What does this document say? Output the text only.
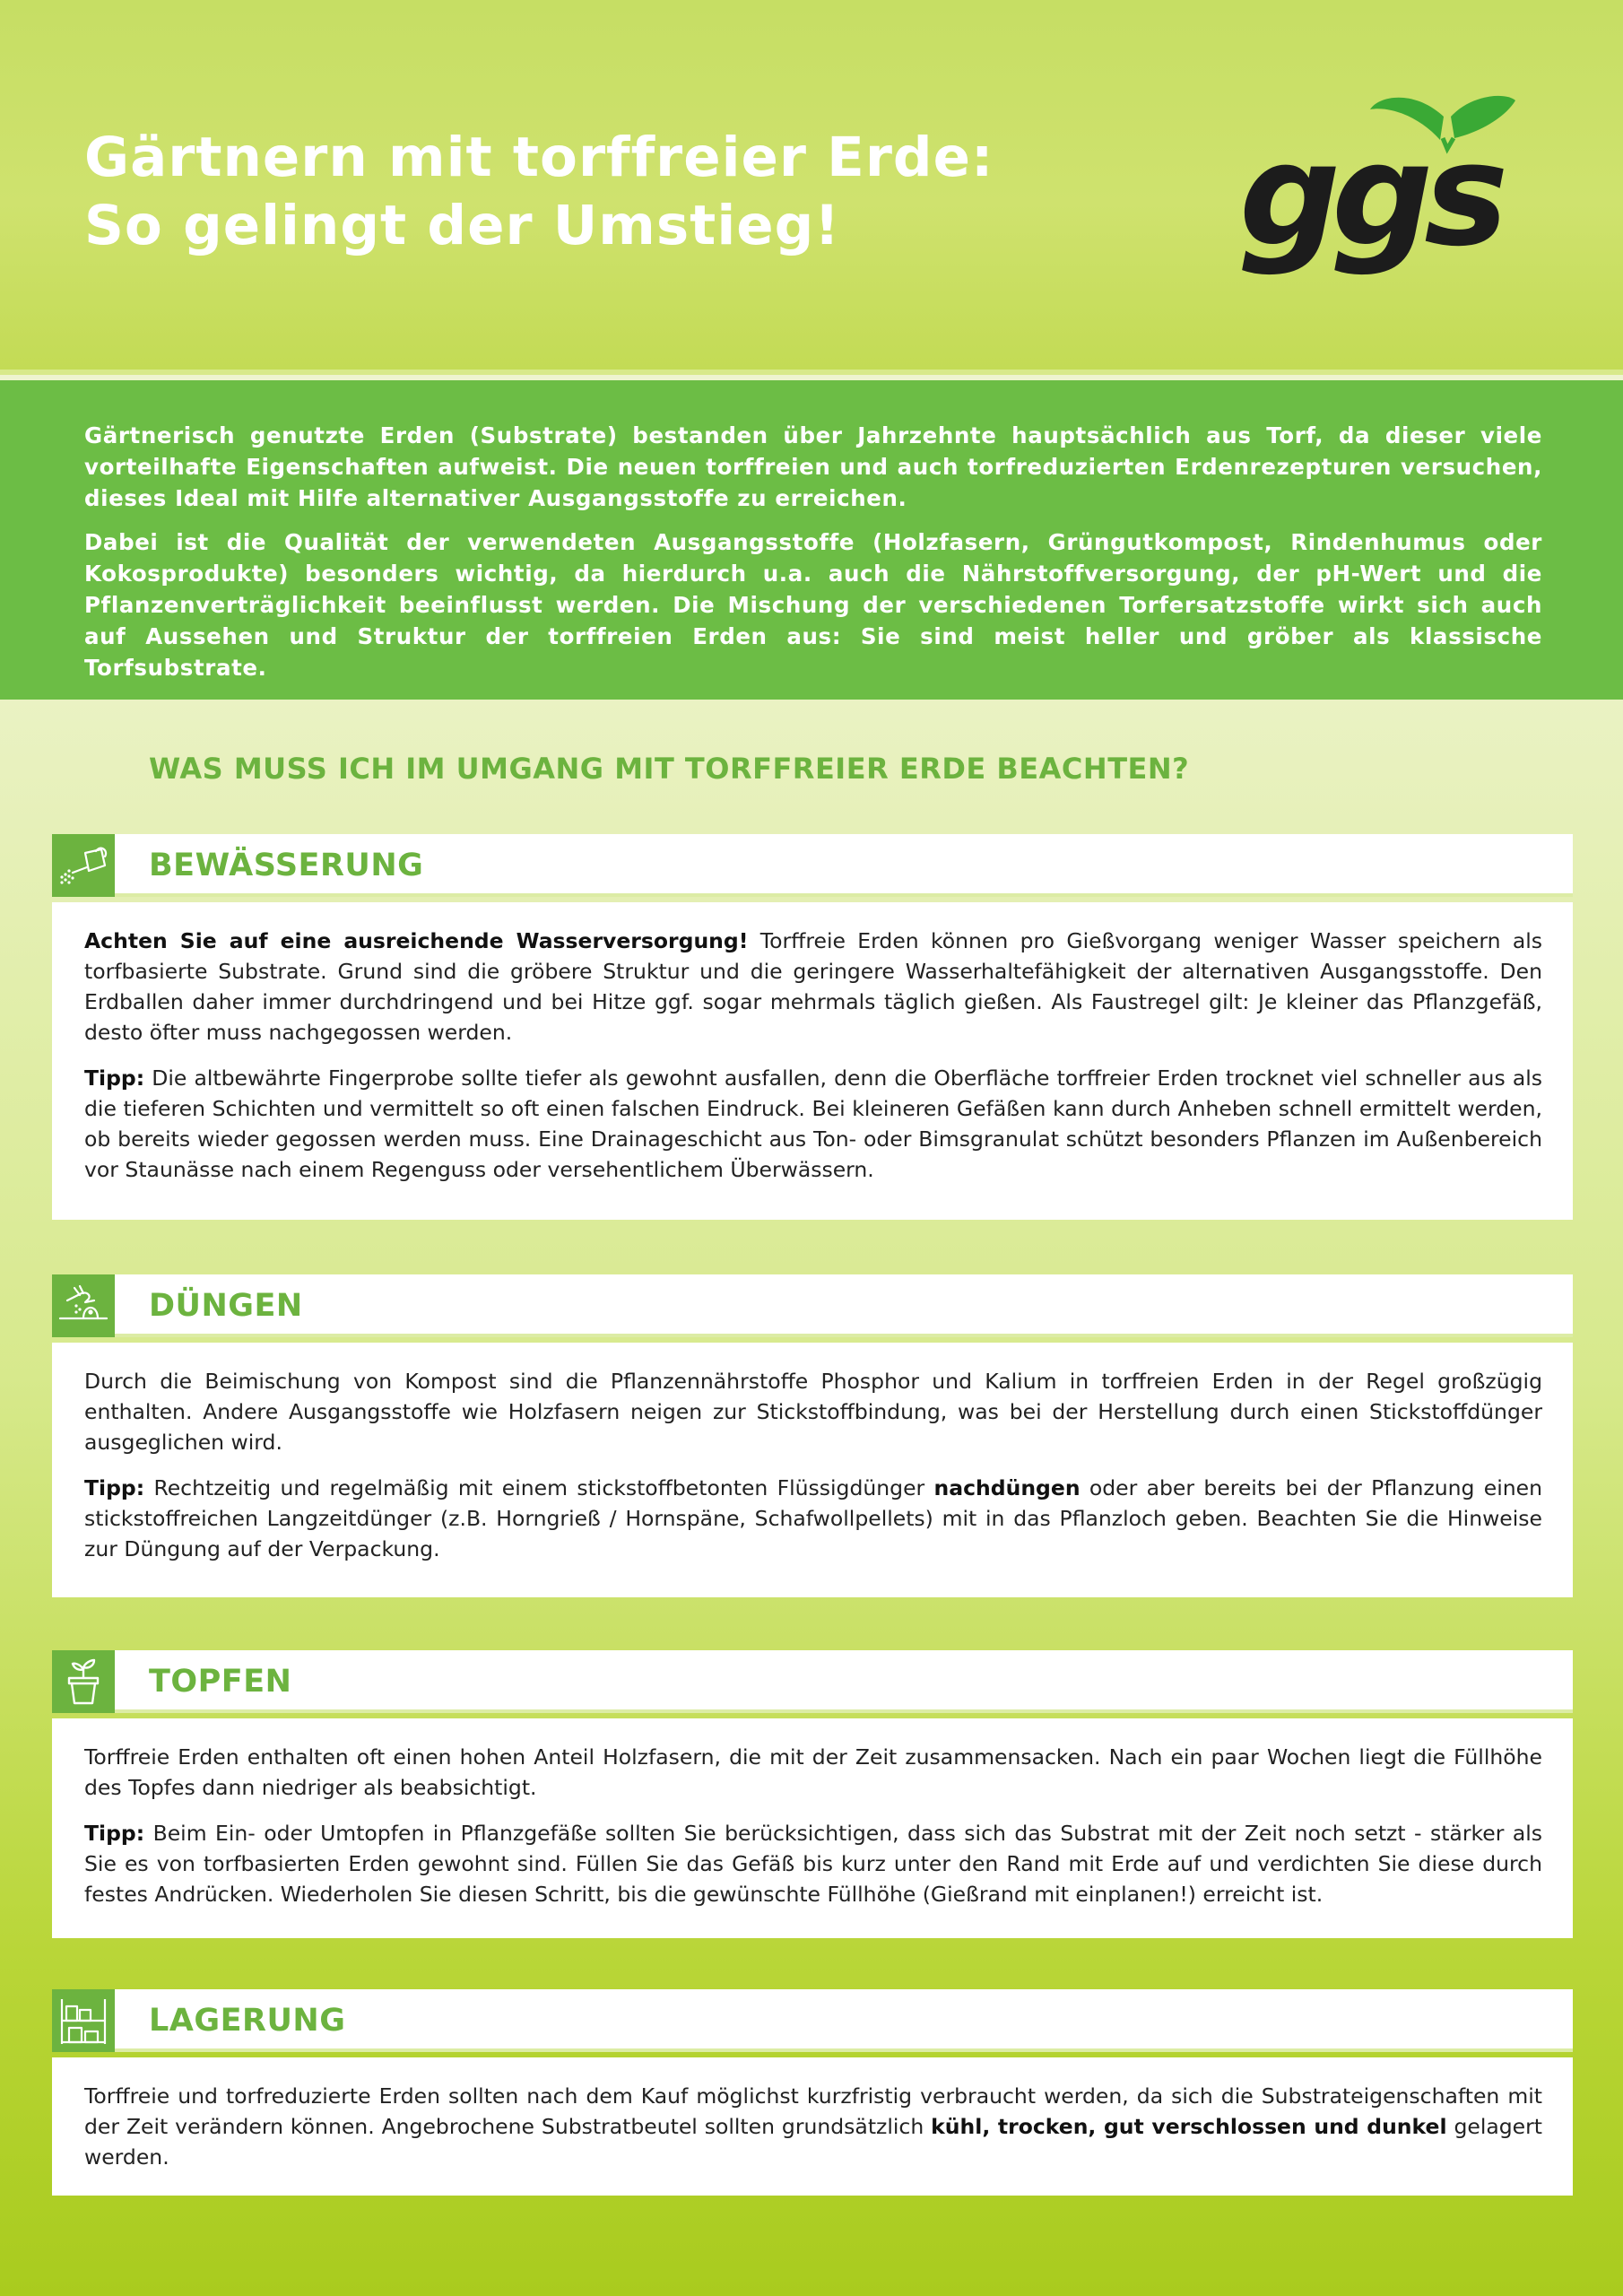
Gärtnern mit torffreier Erde:
So gelingt der Umstieg!	ggs

Gärtnerisch genutzte Erden (Substrate) bestanden über Jahrzehnte hauptsächlich aus Torf, da dieser viele vorteilhafte Eigenschaften aufweist. Die neuen torffreien und auch torfreduzierten Erdenrezepturen versuchen, dieses Ideal mit Hilfe alternativer Ausgangsstoffe zu erreichen.

Dabei ist die Qualität der verwendeten Ausgangsstoffe (Holzfasern, Grüngutkompost, Rindenhumus oder Kokosprodukte) besonders wichtig, da hierdurch u.a. auch die Nährstoffversorgung, der pH-Wert und die Pflanzenverträglichkeit beeinflusst werden. Die Mischung der verschiedenen Torfersatzstoffe wirkt sich auch auf Aussehen und Struktur der torffreien Erden aus: Sie sind meist heller und gröber als klassische Torfsubstrate.

WAS MUSS ICH IM UMGANG MIT TORFFREIER ERDE BEACHTEN?
BEWÄSSERUNG

Achten Sie auf eine ausreichende Wasserversorgung! Torffreie Erden können pro Gießvorgang weniger Wasser speichern als torfbasierte Substrate. Grund sind die gröbere Struktur und die geringere Wasserhaltefähigkeit der alternativen Ausgangsstoffe. Den Erdballen daher immer durchdringend und bei Hitze ggf. sogar mehrmals täglich gießen. Als Faustregel gilt: Je kleiner das Pflanzgefäß, desto öfter muss nachgegossen werden.

Tipp: Die altbewährte Fingerprobe sollte tiefer als gewohnt ausfallen, denn die Oberfläche torffreier Erden trocknet viel schneller aus als die tieferen Schichten und vermittelt so oft einen falschen Eindruck. Bei kleineren Gefäßen kann durch Anheben schnell ermittelt werden, ob bereits wieder gegossen werden muss. Eine Drainageschicht aus Ton- oder Bimsgranulat schützt besonders Pflanzen im Außenbereich vor Staunässe nach einem Regenguss oder versehentlichem Überwässern.

DÜNGEN

Durch die Beimischung von Kompost sind die Pflanzennährstoffe Phosphor und Kalium in torffreien Erden in der Regel großzügig enthalten. Andere Ausgangsstoffe wie Holzfasern neigen zur Stickstoffbindung, was bei der Herstellung durch einen Stickstoffdünger ausgeglichen wird.

Tipp: Rechtzeitig und regelmäßig mit einem stickstoffbetonten Flüssigdünger nachdüngen oder aber bereits bei der Pflanzung einen stickstoffreichen Langzeitdünger (z.B. Horngrieß / Hornspäne, Schafwollpellets) mit in das Pflanzloch geben. Beachten Sie die Hinweise zur Düngung auf der Verpackung.

TOPFEN

Torffreie Erden enthalten oft einen hohen Anteil Holzfasern, die mit der Zeit zusammensacken. Nach ein paar Wochen liegt die Füllhöhe des Topfes dann niedriger als beabsichtigt.

Tipp: Beim Ein- oder Umtopfen in Pflanzgefäße sollten Sie berücksichtigen, dass sich das Substrat mit der Zeit noch setzt - stärker als Sie es von torfbasierten Erden gewohnt sind. Füllen Sie das Gefäß bis kurz unter den Rand mit Erde auf und verdichten Sie diese durch festes Andrücken. Wiederholen Sie diesen Schritt, bis die gewünschte Füllhöhe (Gießrand mit einplanen!) erreicht ist.

LAGERUNG

Torffreie und torfreduzierte Erden sollten nach dem Kauf möglichst kurzfristig verbraucht werden, da sich die Substrateigenschaften mit der Zeit verändern können. Angebrochene Substratbeutel sollten grundsätzlich kühl, trocken, gut verschlossen und dunkel gelagert werden.
